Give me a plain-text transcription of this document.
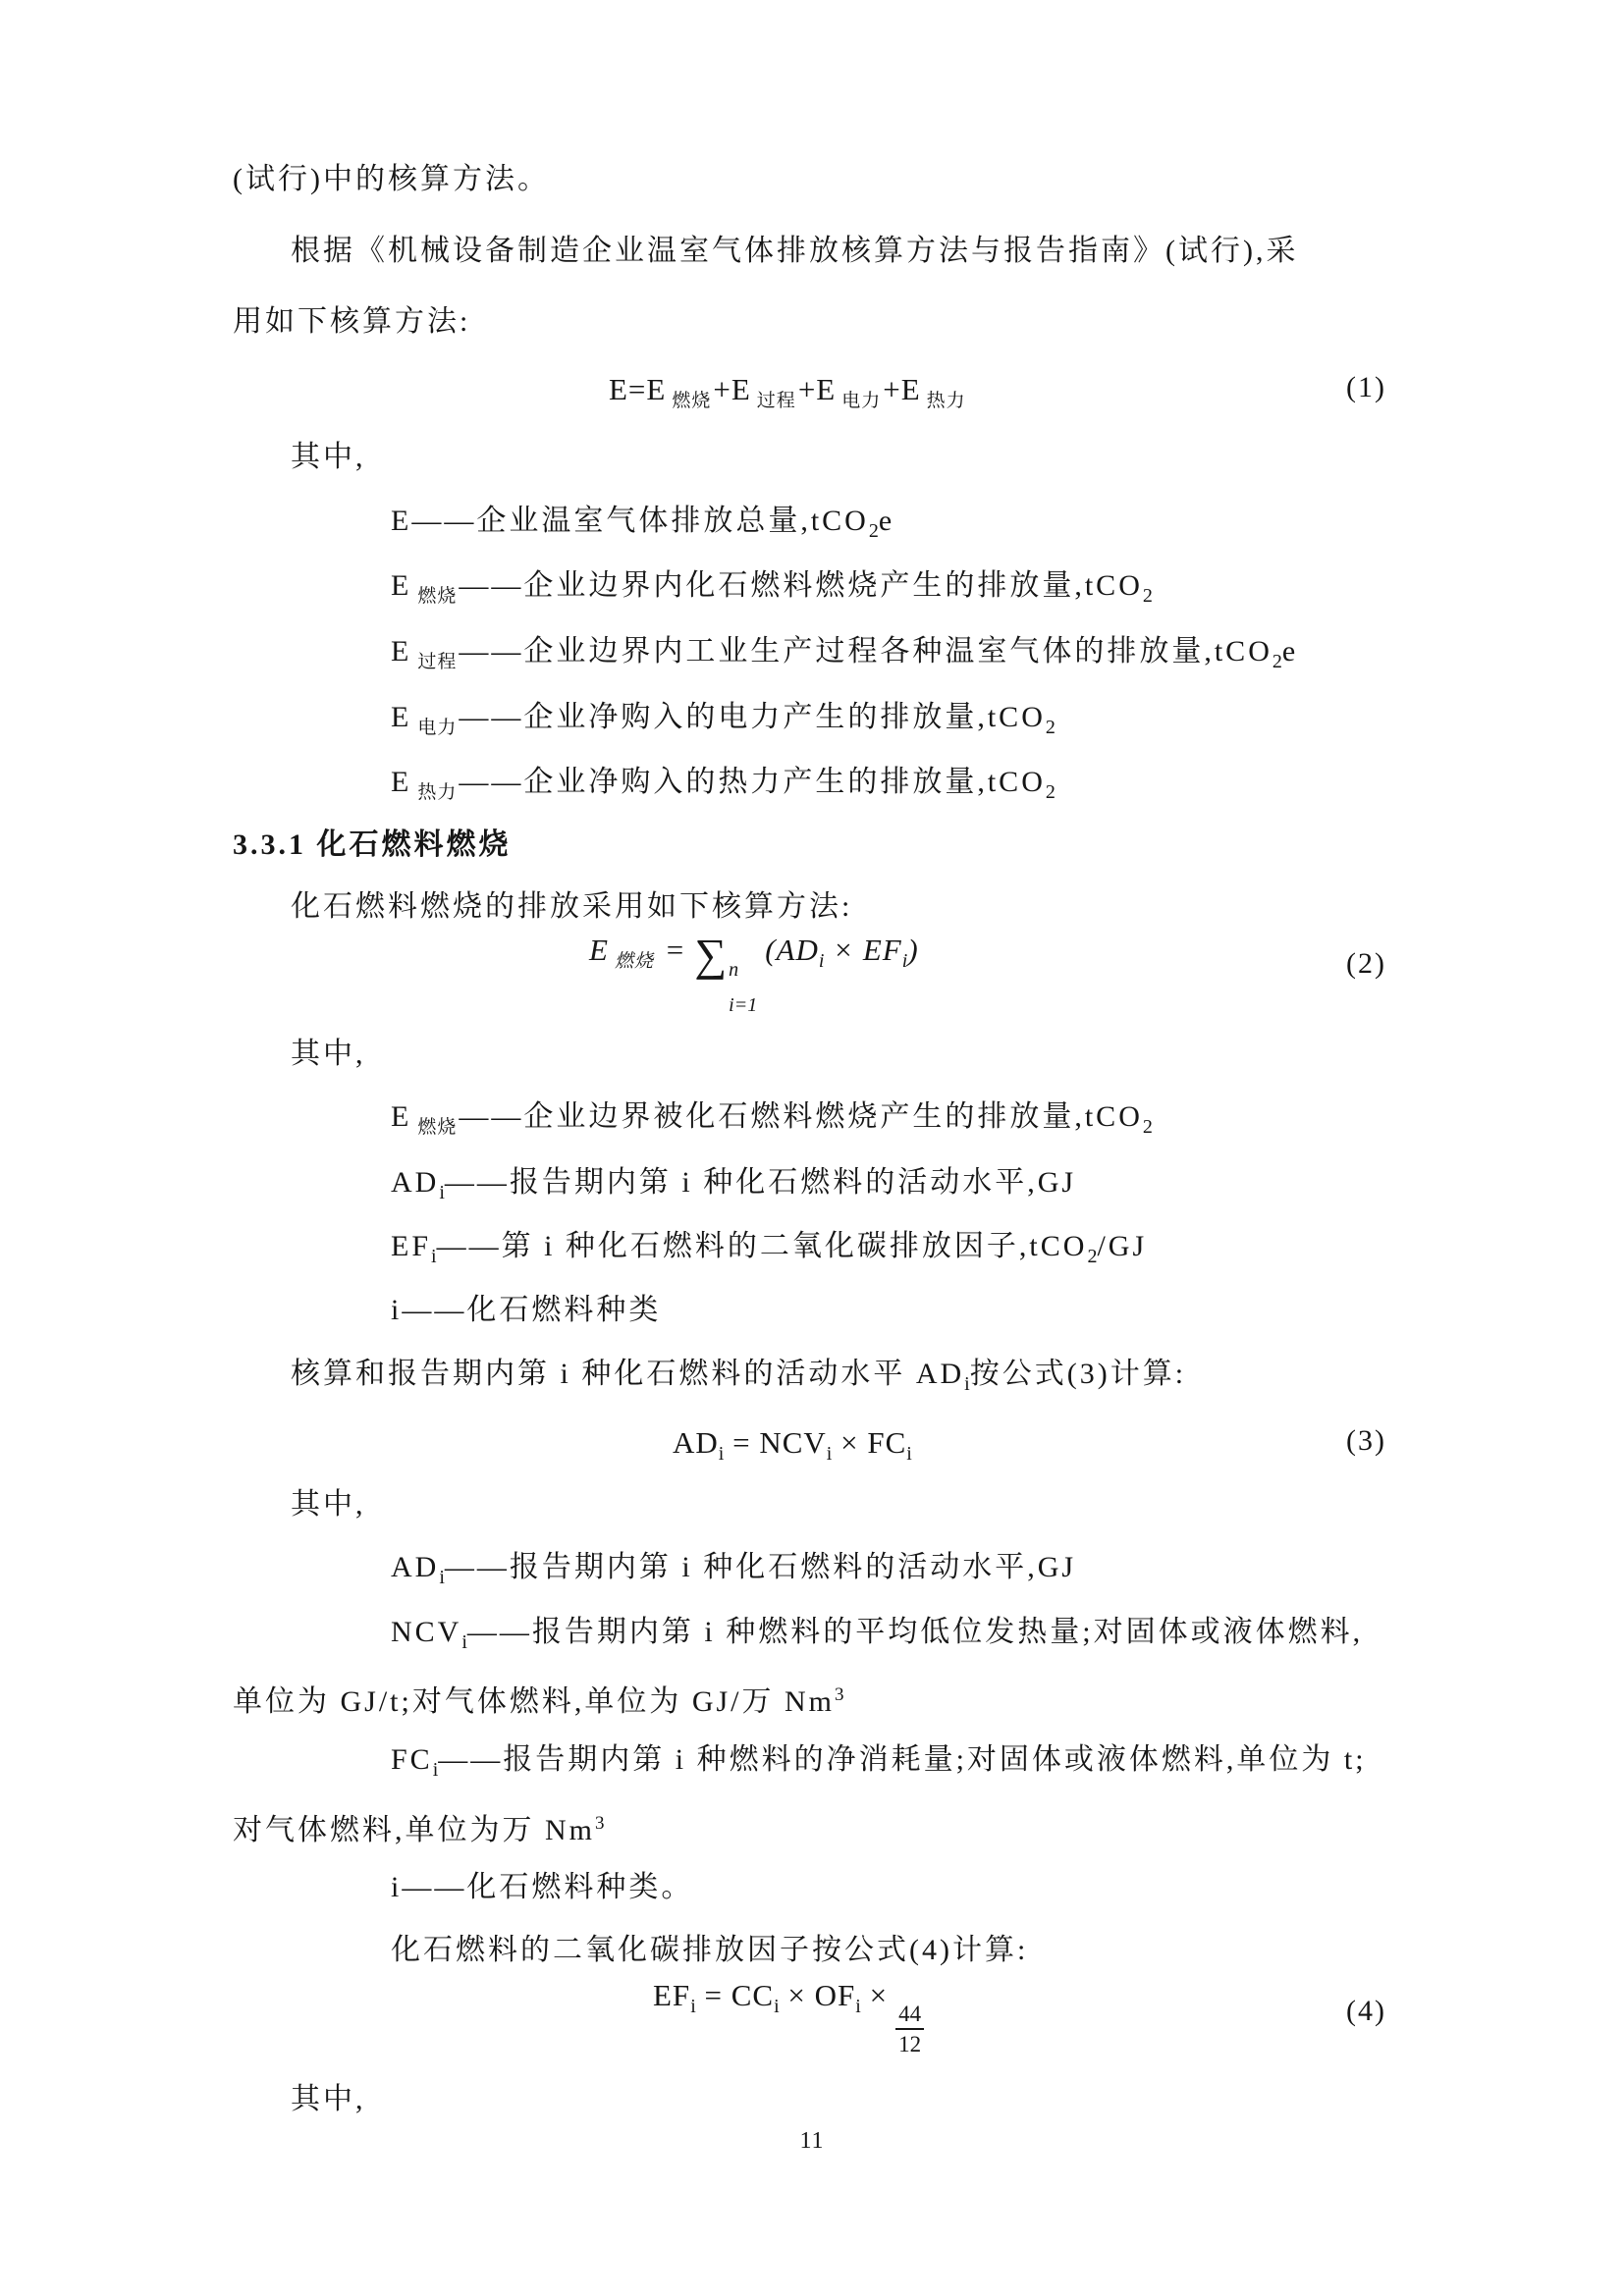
(试行)中的核算方法。
根据《机械设备制造企业温室气体排放核算方法与报告指南》(试行),采
用如下核算方法:
E=E $_{燃烧}$+E $_{过程}$+E $_{电力}$+E $_{热力}$	(1)
其中,
E——企业温室气体排放总量,tCO$_2$e
E $_{燃烧}$——企业边界内化石燃料燃烧产生的排放量,tCO$_2$
E $_{过程}$——企业边界内工业生产过程各种温室气体的排放量,tCO$_2$e
E $_{电力}$——企业净购入的电力产生的排放量,tCO$_2$
E $_{热力}$——企业净购入的热力产生的排放量,tCO$_2$
3.3.1 化石燃料燃烧
化石燃料燃烧的排放采用如下核算方法:
E $_{燃烧}$ = ∑ n
i=1
$(AD_i \times EF_i)$	(2)
其中,
E $_{燃烧}$——企业边界被化石燃料燃烧产生的排放量,tCO$_2$
$AD_i——$报告期内第 i 种化石燃料的活动水平,GJ
$EF_i——$第 i 种化石燃料的二氧化碳排放因子,tCO$_2$/GJ
i——化石燃料种类
核算和报告期内第 i 种化石燃料的活动水平 $AD_i$按公式(3)计算:
$AD_i = NCV_i \times FC_i$	(3)
其中,
$AD_i——$报告期内第 i 种化石燃料的活动水平,GJ
$NCV_i——$报告期内第 i 种燃料的平均低位发热量;对固体或液体燃料,
单位为 GJ/t;对气体燃料,单位为 GJ/万 Nm$^3$
$FC_i——$报告期内第 i 种燃料的净消耗量;对固体或液体燃料,单位为 t;
对气体燃料,单位为万 Nm$^3$
i——化石燃料种类。
化石燃料的二氧化碳排放因子按公式(4)计算:
$EF_i = CC_i \times OF_i$ ×
$\frac{44}{12}$	(4)
其中,
11
